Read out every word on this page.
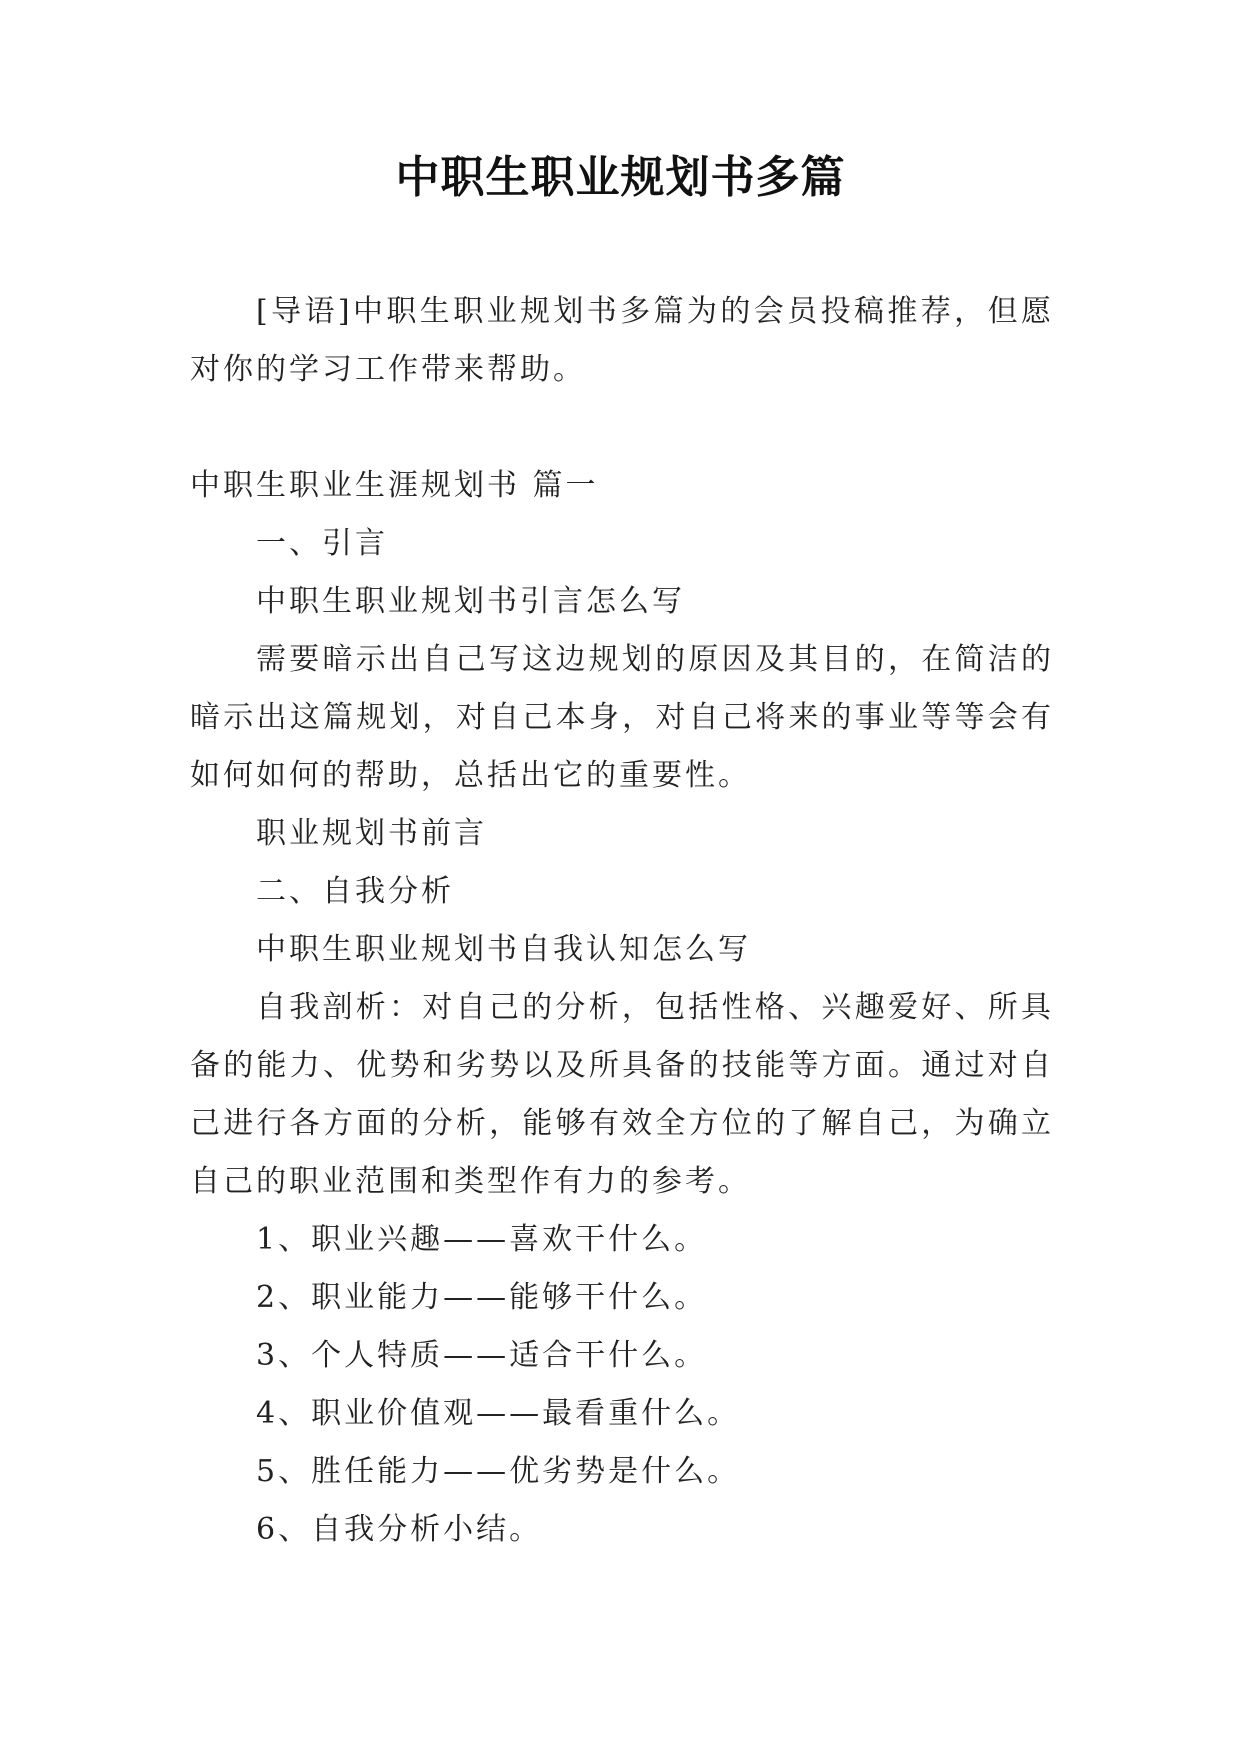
中职生职业规划书多篇

[导语]中职生职业规划书多篇为的会员投稿推荐，但愿对你的学习工作带来帮助。

中职生职业生涯规划书 篇一

一、引言

中职生职业规划书引言怎么写

需要暗示出自己写这边规划的原因及其目的，在简洁的暗示出这篇规划，对自己本身，对自己将来的事业等等会有如何如何的帮助，总括出它的重要性。

职业规划书前言

二、自我分析

中职生职业规划书自我认知怎么写

自我剖析：对自己的分析，包括性格、兴趣爱好、所具备的能力、优势和劣势以及所具备的技能等方面。通过对自己进行各方面的分析，能够有效全方位的了解自己，为确立自己的职业范围和类型作有力的参考。

1、职业兴趣——喜欢干什么。

2、职业能力——能够干什么。

3、个人特质——适合干什么。

4、职业价值观——最看重什么。

5、胜任能力——优劣势是什么。

6、自我分析小结。
